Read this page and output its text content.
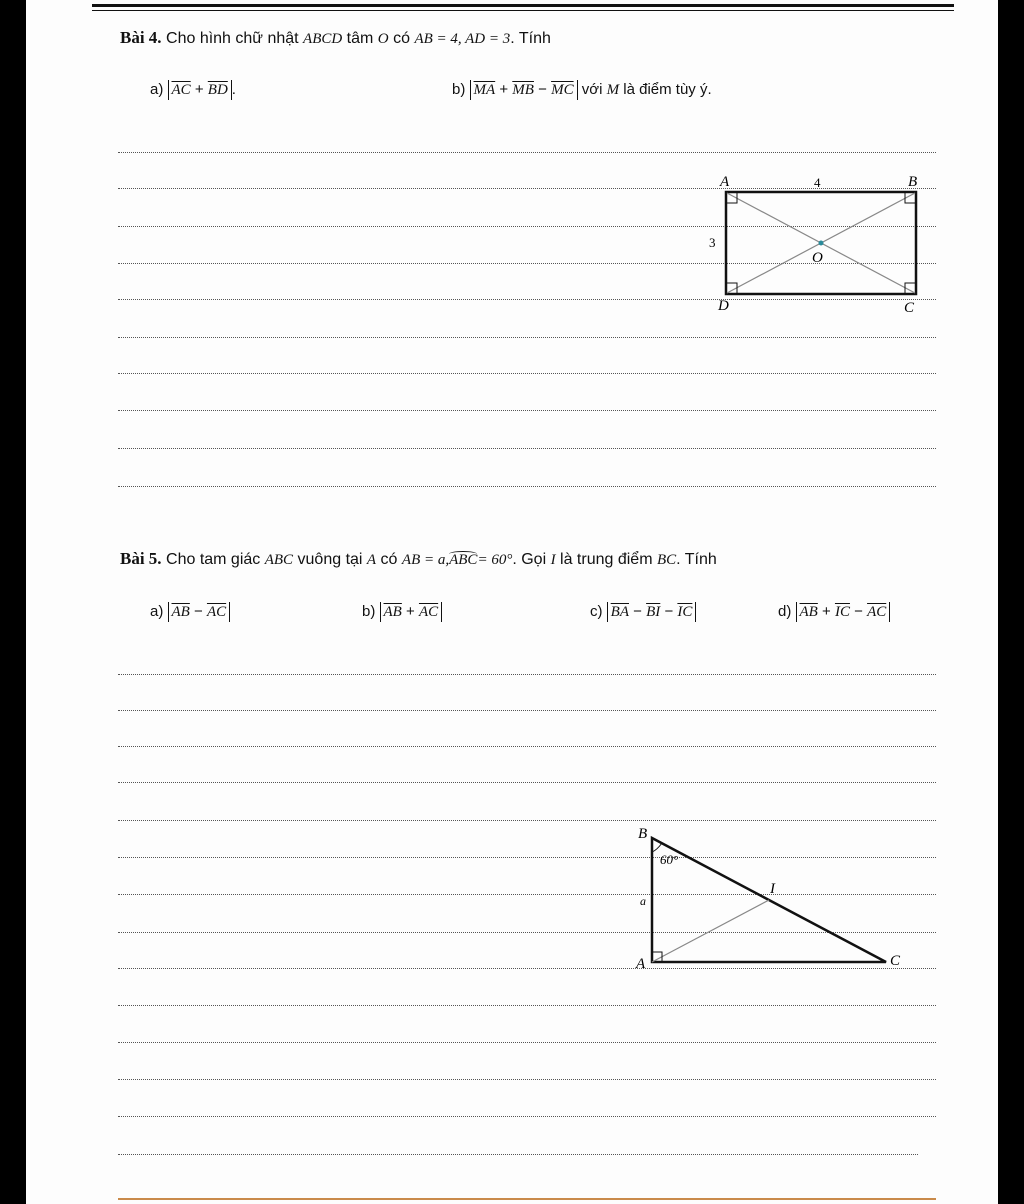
Bài 4. Cho hình chữ nhật ABCD tâm O có AB = 4, AD = 3. Tính
a) $\overline{AC} + \overline{BD}$ .	b) $\overline{MA} + \overline{MB} - \overline{MC}$ với M là điểm tùy ý.
A	B
C
D
O
4
3
Bài 5. Cho tam giác ABC vuông tại A có AB = a,ABC= 60°. Gọi I là trung điểm BC. Tính
a) $\overline{AB} - \overline{AC}$	b) $\overline{AB} + \overline{AC}$	c) $\overline{BA} - \overline{BI} - \overline{IC}$	d) $\overline{AB} + \overline{IC} - \overline{AC}$
B
A	C
I
a
60°
